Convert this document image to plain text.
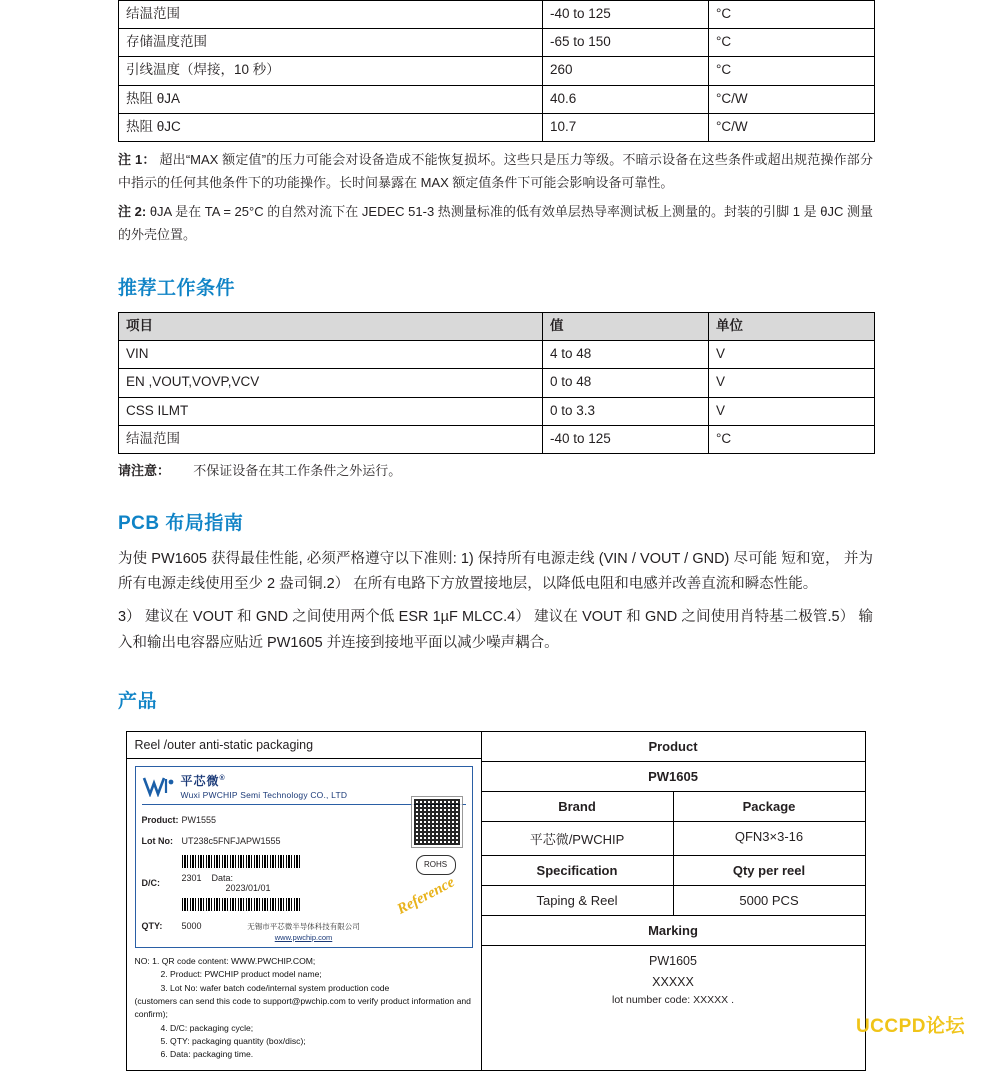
结温范围	-40 to 125	°C
存储温度范围	-65 to 150	°C
引线温度（焊接，10 秒）	260	°C
热阻 θJA	40.6	°C/W
热阻 θJC	10.7	°C/W

注 1： 超出“MAX 额定值”的压力可能会对设备造成不能恢复损坏。这些只是压力等级。不暗示设备在这些条件或超出规范操作部分中指示的任何其他条件下的功能操作。长时间暴露在 MAX 额定值条件下可能会影响设备可靠性。

注 2: θJA 是在 TA = 25°C 的自然对流下在 JEDEC 51-3 热测量标准的低有效单层热导率测试板上测量的。封装的引脚 1 是 θJC 测量的外壳位置。

推荐工作条件
项目	值	单位
VIN	4 to 48	V
EN ,VOUT,VOVP,VCV	0 to 48	V
CSS ILMT	0 to 3.3	V
结温范围	-40 to 125	°C

请注意： 不保证设备在其工作条件之外运行。

PCB 布局指南

为使 PW1605 获得最佳性能, 必须严格遵守以下准则: 1) 保持所有电源走线 (VIN / VOUT / GND) 尽可能 短和宽， 并为所有电源走线使用至少 2 盎司铜.2） 在所有电路下方放置接地层，以降低电阻和电感并改善直流和瞬态性能。

3） 建议在 VOUT 和 GND 之间使用两个低 ESR 1µF MLCC.4） 建议在 VOUT 和 GND 之间使用肖特基二极管.5） 输入和输出电容器应贴近 PW1605 并连接到接地平面以减少噪声耦合。

产品
Reel /outer anti-static packaging
平芯微®
Wuxi PWCHIP Semi Technology CO., LTD
Product: PW1555
Lot No: UT238c5FNFJAPW1555
D/C:	2301 Data:
2023/01/01
QTY:	5000
ROHS
Reference
无锡市平芯微半导体科技有限公司
www.pwchip.com
NO: 1. QR code content: WWW.PWCHIP.COM;
2. Product: PWCHIP product model name;
3. Lot No: wafer batch code/internal system production code
(customers can send this code to support@pwchip.com to verify product information and confirm);
4. D/C: packaging cycle;
5. QTY: packaging quantity (box/disc);
6. Data: packaging time.
Product
PW1605
Brand	Package
平芯微/PWCHIP	QFN3×3-16
Specification	Qty per reel
Taping & Reel	5000 PCS
Marking
PW1605
XXXXX
lot number code: XXXXX .
UCCPD论坛
